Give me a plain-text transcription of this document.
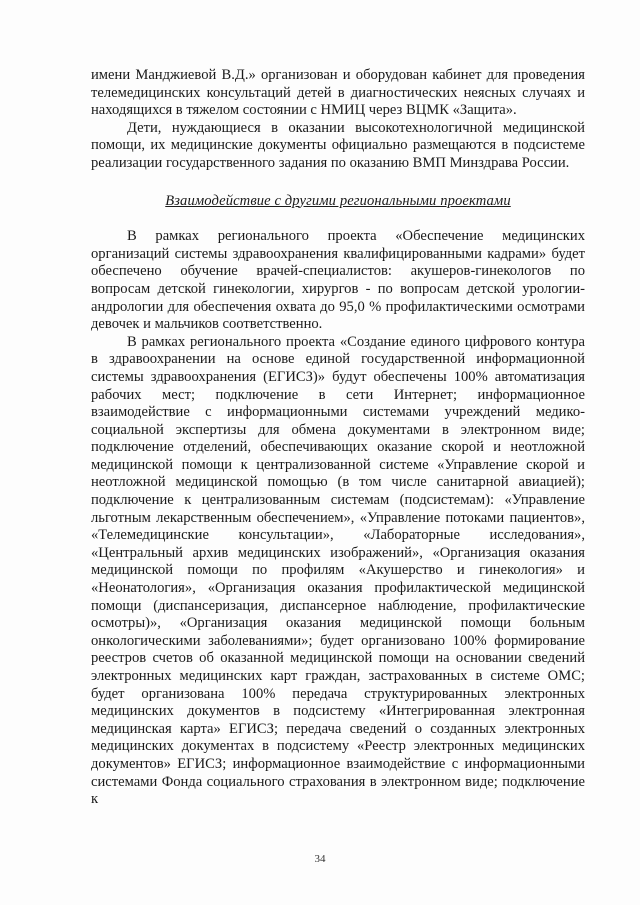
имени Манджиевой В.Д.» организован и оборудован кабинет для проведения телемедицинских консультаций детей в диагностических неясных случаях и находящихся в тяжелом состоянии с НМИЦ через ВЦМК «Защита».

Дети, нуждающиеся в оказании высокотехнологичной медицинской помощи, их медицинские документы официально размещаются в подсистеме реализации государственного задания по оказанию ВМП Минздрава России.

Взаимодействие с другими региональными проектами

В рамках регионального проекта «Обеспечение медицинских организаций системы здравоохранения квалифицированными кадрами» будет обеспечено обучение врачей-специалистов: акушеров-гинекологов по вопросам детской гинекологии, хирургов - по вопросам детской урологии-андрологии для обеспечения охвата до 95,0 % профилактическими осмотрами девочек и мальчиков соответственно.

В рамках регионального проекта «Создание единого цифрового контура в здравоохранении на основе единой государственной информационной системы здравоохранения (ЕГИСЗ)» будут обеспечены 100% автоматизация рабочих мест; подключение в сети Интернет; информационное взаимодействие с информационными системами учреждений медико-социальной экспертизы для обмена документами в электронном виде; подключение отделений, обеспечивающих оказание скорой и неотложной медицинской помощи к централизованной системе «Управление скорой и неотложной медицинской помощью (в том числе санитарной авиацией); подключение к централизованным системам (подсистемам): «Управление льготным лекарственным обеспечением», «Управление потоками пациентов», «Телемедицинские консультации», «Лабораторные исследования», «Центральный архив медицинских изображений», «Организация оказания медицинской помощи по профилям «Акушерство и гинекология» и «Неонатология», «Организация оказания профилактической медицинской помощи (диспансеризация, диспансерное наблюдение, профилактические осмотры)», «Организация оказания медицинской помощи больным онкологическими заболеваниями»; будет организовано 100% формирование реестров счетов об оказанной медицинской помощи на основании сведений электронных медицинских карт граждан, застрахованных в системе ОМС; будет организована 100% передача структурированных электронных медицинских документов в подсистему «Интегрированная электронная медицинская карта» ЕГИСЗ; передача сведений о созданных электронных медицинских документах в подсистему «Реестр электронных медицинских документов» ЕГИСЗ; информационное взаимодействие с информационными системами Фонда социального страхования в электронном виде; подключение к

34
